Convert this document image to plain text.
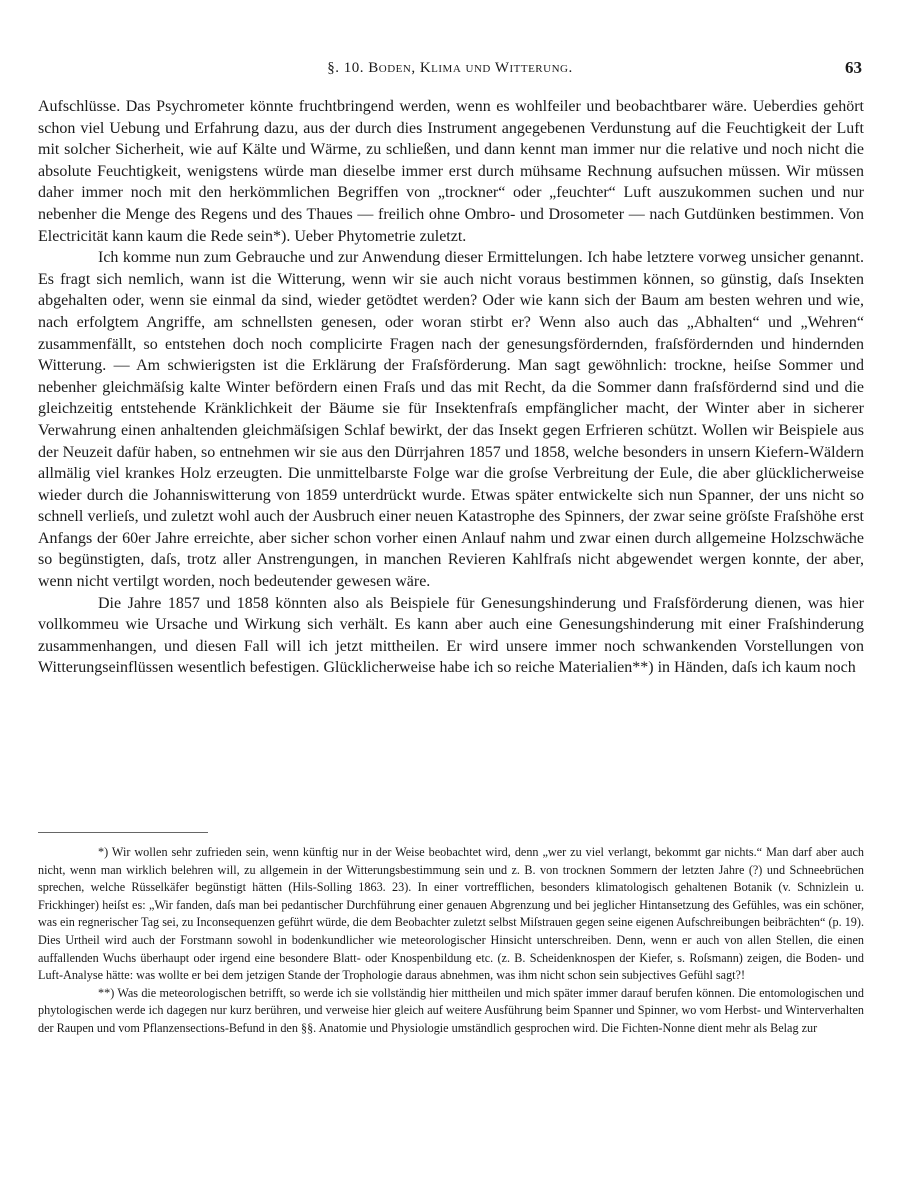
§. 10. Boden, Klima und Witterung.	63

Aufschlüsse. Das Psychrometer könnte fruchtbringend werden, wenn es wohlfeiler und beobachtbarer wäre. Ueberdies gehört schon viel Uebung und Erfahrung dazu, aus der durch dies Instrument angegebenen Verdunstung auf die Feuchtigkeit der Luft mit solcher Sicherheit, wie auf Kälte und Wärme, zu schließen, und dann kennt man immer nur die relative und noch nicht die absolute Feuchtigkeit, wenigstens würde man dieselbe immer erst durch mühsame Rechnung aufsuchen müssen. Wir müssen daher immer noch mit den herkömmlichen Begriffen von „trockner“ oder „feuchter“ Luft auszukommen suchen und nur nebenher die Menge des Regens und des Thaues — freilich ohne Ombro- und Drosometer — nach Gutdünken bestimmen. Von Electricität kann kaum die Rede sein*). Ueber Phytometrie zuletzt.

Ich komme nun zum Gebrauche und zur Anwendung dieser Ermittelungen. Ich habe letztere vorweg unsicher genannt. Es fragt sich nemlich, wann ist die Witterung, wenn wir sie auch nicht voraus bestimmen können, so günstig, daſs Insekten abgehalten oder, wenn sie einmal da sind, wieder getödtet werden? Oder wie kann sich der Baum am besten wehren und wie, nach erfolgtem Angriffe, am schnellsten genesen, oder woran stirbt er? Wenn also auch das „Abhalten“ und „Wehren“ zusammenfällt, so entstehen doch noch complicirte Fragen nach der genesungsfördernden, fraſsfördernden und hindernden Witterung. — Am schwierigsten ist die Erklärung der Fraſsförderung. Man sagt gewöhnlich: trockne, heiſse Sommer und nebenher gleichmäſsig kalte Winter befördern einen Fraſs und das mit Recht, da die Sommer dann fraſsfördernd sind und die gleichzeitig entstehende Kränklichkeit der Bäume sie für Insektenfraſs empfänglicher macht, der Winter aber in sicherer Verwahrung einen anhaltenden gleichmäſsigen Schlaf bewirkt, der das Insekt gegen Erfrieren schützt. Wollen wir Beispiele aus der Neuzeit dafür haben, so entnehmen wir sie aus den Dürrjahren 1857 und 1858, welche besonders in unsern Kiefern-Wäldern allmälig viel krankes Holz erzeugten. Die unmittelbarste Folge war die groſse Verbreitung der Eule, die aber glücklicherweise wieder durch die Johanniswitterung von 1859 unterdrückt wurde. Etwas später entwickelte sich nun Spanner, der uns nicht so schnell verlieſs, und zuletzt wohl auch der Ausbruch einer neuen Katastrophe des Spinners, der zwar seine gröſste Fraſshöhe erst Anfangs der 60er Jahre erreichte, aber sicher schon vorher einen Anlauf nahm und zwar einen durch allgemeine Holzschwäche so begünstigten, daſs, trotz aller Anstrengungen, in manchen Revieren Kahlfraſs nicht abgewendet wergen konnte, der aber, wenn nicht vertilgt worden, noch bedeutender gewesen wäre.

Die Jahre 1857 und 1858 könnten also als Beispiele für Genesungshinderung und Fraſsförderung dienen, was hier vollkommeu wie Ursache und Wirkung sich verhält. Es kann aber auch eine Genesungshinderung mit einer Fraſshinderung zusammenhangen, und diesen Fall will ich jetzt mittheilen. Er wird unsere immer noch schwankenden Vorstellungen von Witterungseinflüssen wesentlich befestigen. Glücklicherweise habe ich so reiche Materialien**) in Händen, daſs ich kaum noch

*) Wir wollen sehr zufrieden sein, wenn künftig nur in der Weise beobachtet wird, denn „wer zu viel verlangt, bekommt gar nichts.“ Man darf aber auch nicht, wenn man wirklich belehren will, zu allgemein in der Witterungsbestimmung sein und z. B. von trocknen Sommern der letzten Jahre (?) und Schneebrüchen sprechen, welche Rüsselkäfer begünstigt hätten (Hils-Solling 1863. 23). In einer vortrefflichen, besonders klimatologisch gehaltenen Botanik (v. Schnizlein u. Frickhinger) heiſst es: „Wir fanden, daſs man bei pedantischer Durchführung einer genauen Abgrenzung und bei jeglicher Hintansetzung des Gefühles, was ein schöner, was ein regnerischer Tag sei, zu Inconsequenzen geführt würde, die dem Beobachter zuletzt selbst Miſstrauen gegen seine eigenen Aufschreibungen beibrächten“ (p. 19). Dies Urtheil wird auch der Forstmann sowohl in bodenkundlicher wie meteorologischer Hinsicht unterschreiben. Denn, wenn er auch von allen Stellen, die einen auffallenden Wuchs überhaupt oder irgend eine besondere Blatt- oder Knospenbildung etc. (z. B. Scheidenknospen der Kiefer, s. Roſsmann) zeigen, die Boden- und Luft-Analyse hätte: was wollte er bei dem jetzigen Stande der Trophologie daraus abnehmen, was ihm nicht schon sein subjectives Gefühl sagt?!

**) Was die meteorologischen betrifft, so werde ich sie vollständig hier mittheilen und mich später immer darauf berufen können. Die entomologischen und phytologischen werde ich dagegen nur kurz berühren, und verweise hier gleich auf weitere Ausführung beim Spanner und Spinner, wo vom Herbst- und Winterverhalten der Raupen und vom Pflanzensections-Befund in den §§. Anatomie und Physiologie umständlich gesprochen wird. Die Fichten-Nonne dient mehr als Belag zur
